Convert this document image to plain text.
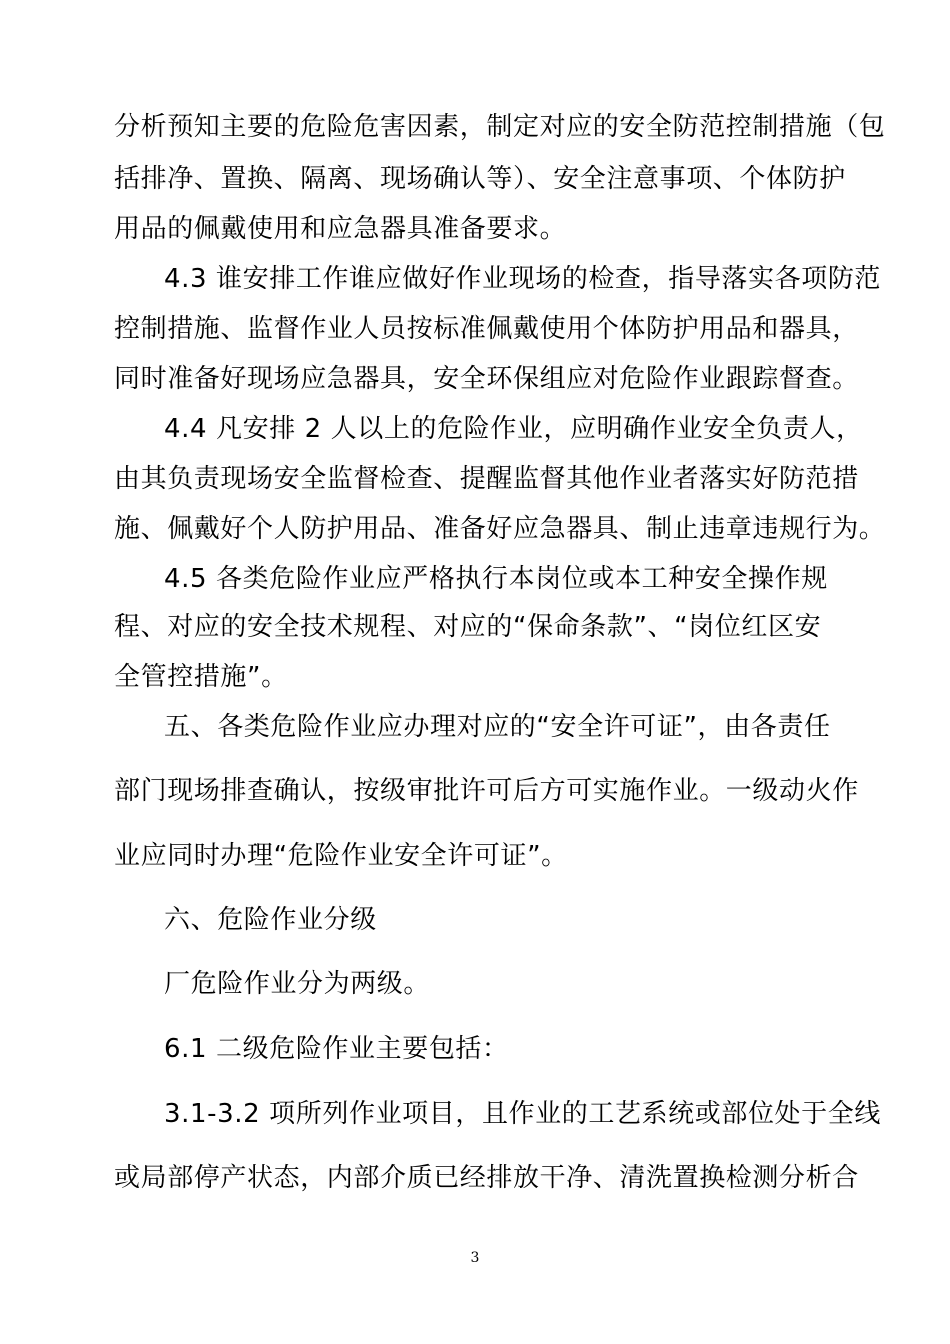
分析预知主要的危险危害因素，制定对应的安全防范控制措施（包
括排净、置换、隔离、现场确认等）、安全注意事项、个体防护
用品的佩戴使用和应急器具准备要求。
4.3 谁安排工作谁应做好作业现场的检查，指导落实各项防范
控制措施、监督作业人员按标准佩戴使用个体防护用品和器具，
同时准备好现场应急器具，安全环保组应对危险作业跟踪督查。
4.4 凡安排 2 人以上的危险作业，应明确作业安全负责人，
由其负责现场安全监督检查、提醒监督其他作业者落实好防范措
施、佩戴好个人防护用品、准备好应急器具、制止违章违规行为。
4.5 各类危险作业应严格执行本岗位或本工种安全操作规
程、对应的安全技术规程、对应的“保命条款”、“岗位红区安
全管控措施”。
五、各类危险作业应办理对应的“安全许可证”，由各责任
部门现场排查确认，按级审批许可后方可实施作业。一级动火作
业应同时办理“危险作业安全许可证”。
六、危险作业分级
厂危险作业分为两级。
6.1 二级危险作业主要包括：
3.1-3.2 项所列作业项目，且作业的工艺系统或部位处于全线
或局部停产状态，内部介质已经排放干净、清洗置换检测分析合
3
